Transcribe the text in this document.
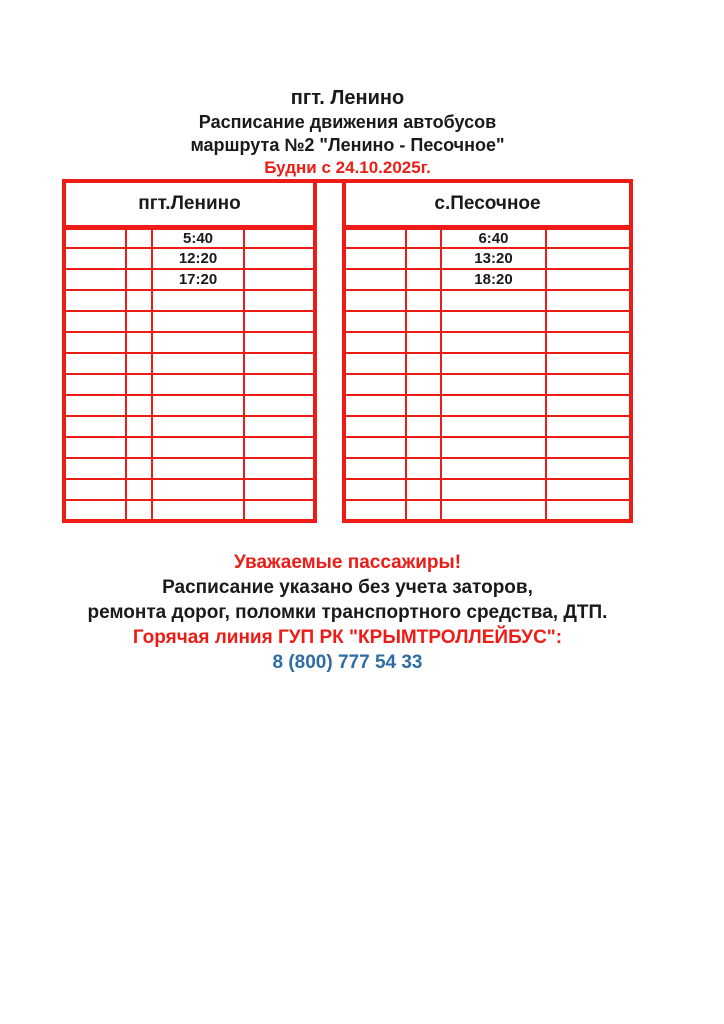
пгт. Ленино
Расписание движения автобусов
маршрута №2 "Ленино - Песочное"
Будни с 24.10.2025г.
пгт.Ленино			
		5:40	
		12:20	
		17:20	

с.Песочное			
		6:40	
		13:20	
		18:20	

Уважаемые пассажиры!
Расписание указано без учета заторов,
ремонта дорог, поломки транспортного средства, ДТП.
Горячая линия ГУП РК "КРЫМТРОЛЛЕЙБУС":
8 (800) 777 54 33
